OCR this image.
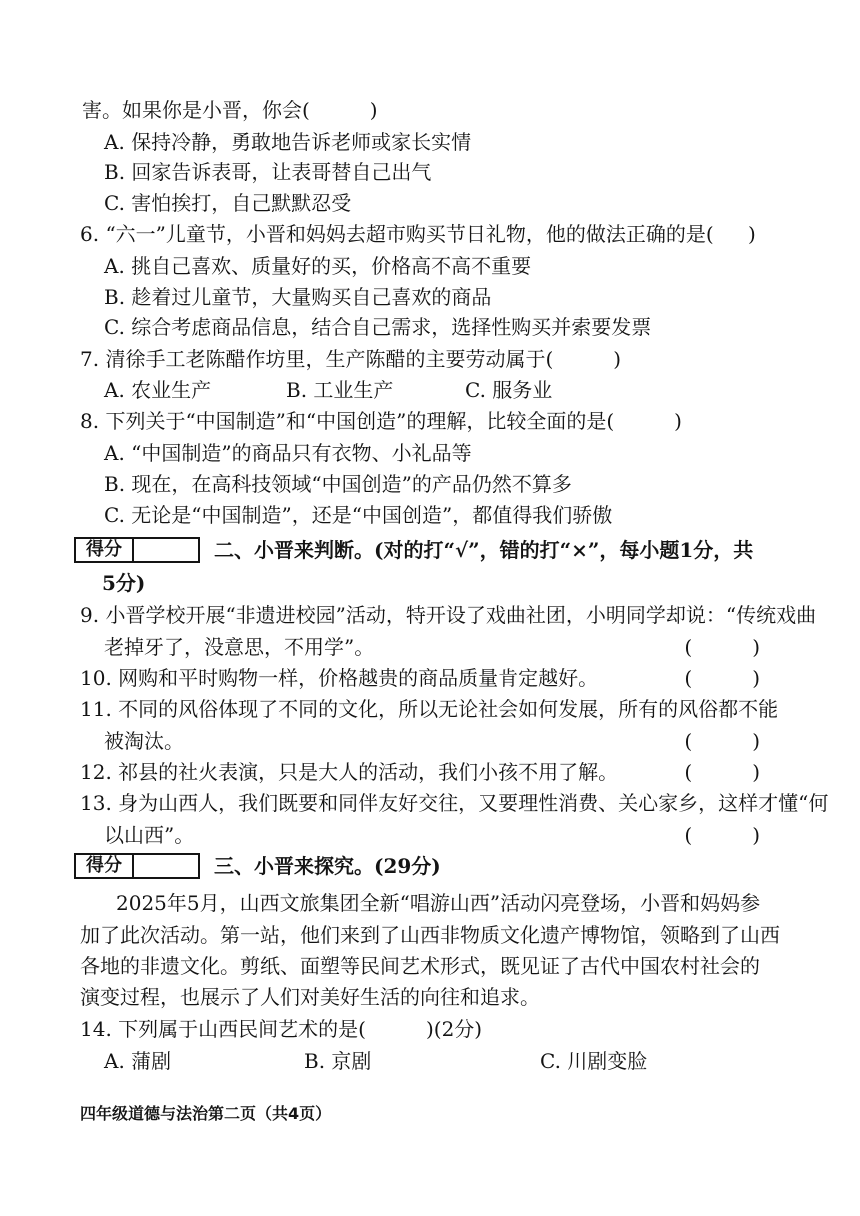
害。如果你是小晋，你会(　　　)
A. 保持冷静，勇敢地告诉老师或家长实情
B. 回家告诉表哥，让表哥替自己出气
C. 害怕挨打，自己默默忍受
6. “六一”儿童节，小晋和妈妈去超市购买节日礼物，他的做法正确的是( )
A. 挑自己喜欢、质量好的买，价格高不高不重要
B. 趁着过儿童节，大量购买自己喜欢的商品
C. 综合考虑商品信息，结合自己需求，选择性购买并索要发票
7. 清徐手工老陈醋作坊里，生产陈醋的主要劳动属于(　　　)
A. 农业生产	B. 工业生产	C. 服务业
8. 下列关于“中国制造”和“中国创造”的理解，比较全面的是(　　　)
A. “中国制造”的商品只有衣物、小礼品等
B. 现在，在高科技领域“中国创造”的产品仍然不算多
C. 无论是“中国制造”，还是“中国创造”，都值得我们骄傲
得分	二、小晋来判断。(对的打“√”，错的打“×”，每小题1分，共
5分)
9. 小晋学校开展“非遗进校园”活动，特开设了戏曲社团，小明同学却说：“传统戏曲
老掉牙了，没意思，不用学”。	(　　　)
10. 网购和平时购物一样，价格越贵的商品质量肯定越好。	(　　　)
11. 不同的风俗体现了不同的文化，所以无论社会如何发展，所有的风俗都不能
被淘汰。	(　　　)
12. 祁县的社火表演，只是大人的活动，我们小孩不用了解。	(　　　)
13. 身为山西人，我们既要和同伴友好交往，又要理性消费、关心家乡，这样才懂“何
以山西”。	(　　　)
得分	三、小晋来探究。(29分)
2025年5月，山西文旅集团全新“唱游山西”活动闪亮登场，小晋和妈妈参
加了此次活动。第一站，他们来到了山西非物质文化遗产博物馆，领略到了山西
各地的非遗文化。剪纸、面塑等民间艺术形式，既见证了古代中国农村社会的
演变过程，也展示了人们对美好生活的向往和追求。
14. 下列属于山西民间艺术的是(　　　)(2分)
A. 蒲剧	B. 京剧	C. 川剧变脸
四年级道德与法治第二页（共4页）
